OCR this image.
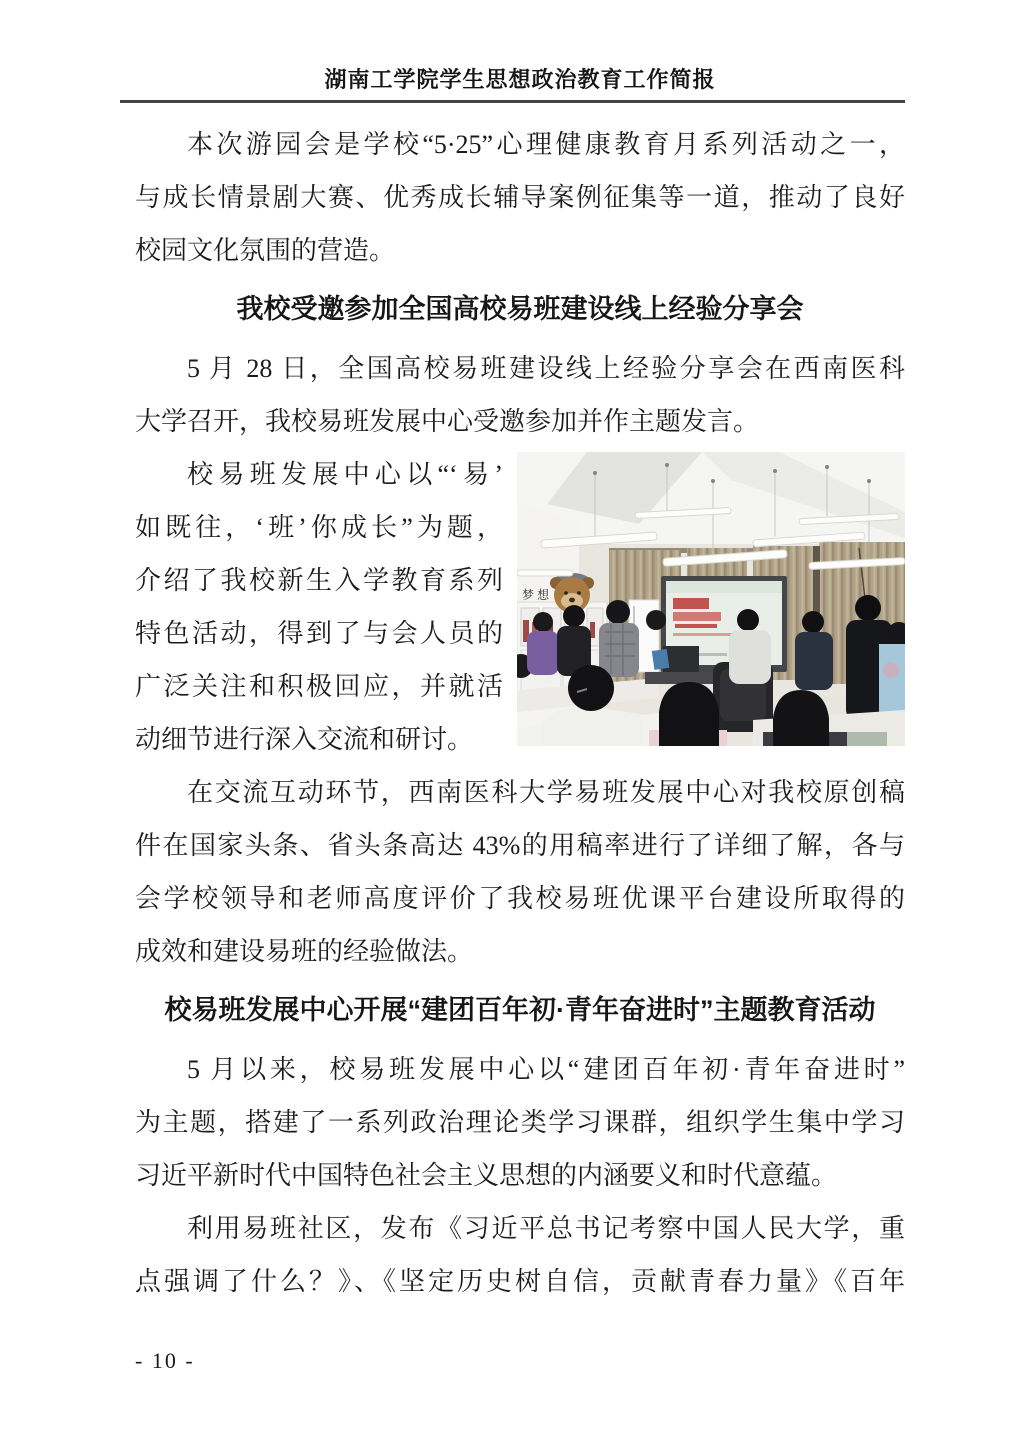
湖南工学院学生思想政治教育工作简报
本次游园会是学校“5·25”心理健康教育月系列活动之一，
与成长情景剧大赛、优秀成长辅导案例征集等一道，推动了良好
校园文化氛围的营造。
我校受邀参加全国高校易班建设线上经验分享会
5 月 28 日，全国高校易班建设线上经验分享会在西南医科
大学召开，我校易班发展中心受邀参加并作主题发言。
梦想
校易班发展中心以“‘易’
如既往，‘班’你成长”为题，
介绍了我校新生入学教育系列
特色活动，得到了与会人员的
广泛关注和积极回应，并就活
动细节进行深入交流和研讨。
在交流互动环节，西南医科大学易班发展中心对我校原创稿
件在国家头条、省头条高达 43%的用稿率进行了详细了解，各与
会学校领导和老师高度评价了我校易班优课平台建设所取得的
成效和建设易班的经验做法。
校易班发展中心开展“建团百年初·青年奋进时”主题教育活动
5 月以来，校易班发展中心以“建团百年初·青年奋进时”
为主题，搭建了一系列政治理论类学习课群，组织学生集中学习
习近平新时代中国特色社会主义思想的内涵要义和时代意蕴。
利用易班社区，发布《习近平总书记考察中国人民大学，重
点强调了什么？》、《坚定历史树自信，贡献青春力量》《百年
- 10 -
